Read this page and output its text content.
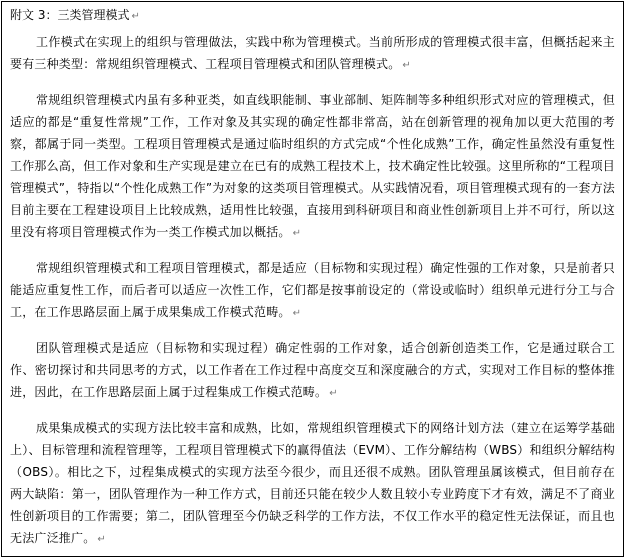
附文 3：三类管理模式 ↵

工作模式在实现上的组织与管理做法，实践中称为管理模式。当前所形成的管理模式很丰富，但概括起来主要有三种类型：常规组织管理模式、工程项目管理模式和团队管理模式。 ↵

常规组织管理模式内虽有多种亚类，如直线职能制、事业部制、矩阵制等多种组织形式对应的管理模式，但适应的都是“重复性常规”工作，工作对象及其实现的确定性都非常高，站在创新管理的视角加以更大范围的考察，都属于同一类型。工程项目管理模式是通过临时组织的方式完成“个性化成熟”工作，确定性虽然没有重复性工作那么高，但工作对象和生产实现是建立在已有的成熟工程技术上，技术确定性比较强。这里所称的“工程项目管理模式”，特指以“个性化成熟工作”为对象的这类项目管理模式。从实践情况看，项目管理模式现有的一套方法目前主要在工程建设项目上比较成熟，适用性比较强，直接用到科研项目和商业性创新项目上并不可行，所以这里没有将项目管理模式作为一类工作模式加以概括。 ↵

常规组织管理模式和工程项目管理模式，都是适应（目标物和实现过程）确定性强的工作对象，只是前者只能适应重复性工作，而后者可以适应一次性工作，它们都是按事前设定的（常设或临时）组织单元进行分工与合工，在工作思路层面上属于成果集成工作模式范畴。 ↵

团队管理模式是适应（目标物和实现过程）确定性弱的工作对象，适合创新创造类工作，它是通过联合工作、密切探讨和共同思考的方式，以工作者在工作过程中高度交互和深度融合的方式，实现对工作目标的整体推进，因此，在工作思路层面上属于过程集成工作模式范畴。 ↵

成果集成模式的实现方法比较丰富和成熟，比如，常规组织管理模式下的网络计划方法（建立在运筹学基础上）、目标管理和流程管理等，工程项目管理模式下的赢得值法（EVM）、工作分解结构（WBS）和组织分解结构（OBS）。相比之下，过程集成模式的实现方法至今很少，而且还很不成熟。团队管理虽属该模式，但目前存在两大缺陷：第一，团队管理作为一种工作方式，目前还只能在较少人数且较小专业跨度下才有效，满足不了商业性创新项目的工作需要；第二，团队管理至今仍缺乏科学的工作方法，不仅工作水平的稳定性无法保证，而且也无法广泛推广。 ↵
